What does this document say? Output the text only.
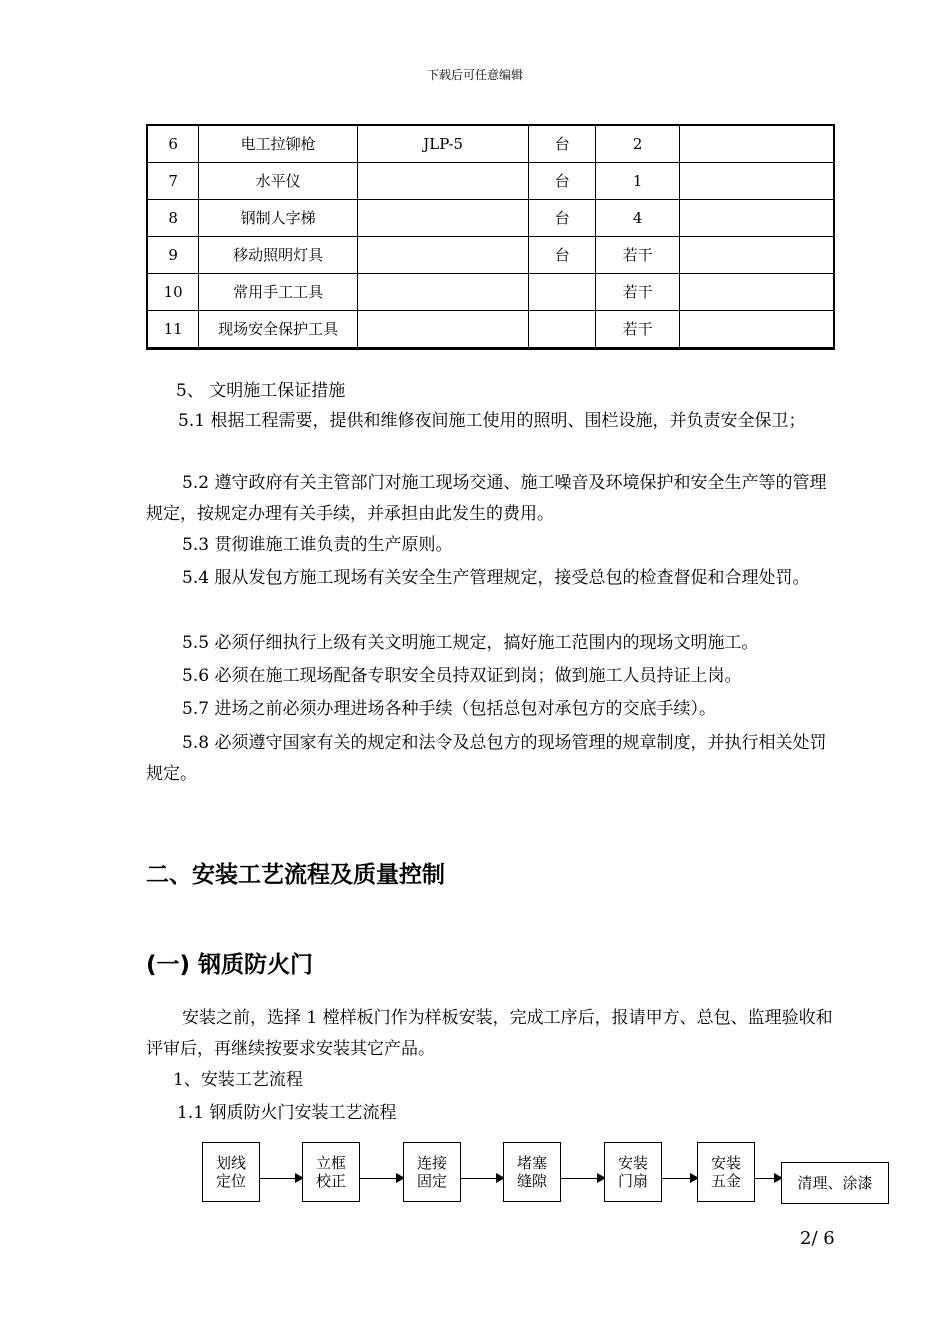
下载后可任意编辑
6	电工拉铆枪	JLP-5	台	2	
7	水平仪		台	1	
8	钢制人字梯		台	4	
9	移动照明灯具		台	若干	
10	常用手工工具			若干	
11	现场安全保护工具			若干	

5、 文明施工保证措施

5.1 根据工程需要，提供和维修夜间施工使用的照明、围栏设施，并负责安全保卫；

5.2 遵守政府有关主管部门对施工现场交通、施工噪音及环境保护和安全生产等的管理规定，按规定办理有关手续，并承担由此发生的费用。

5.3 贯彻谁施工谁负责的生产原则。

5.4 服从发包方施工现场有关安全生产管理规定，接受总包的检查督促和合理处罚。

5.5 必须仔细执行上级有关文明施工规定，搞好施工范围内的现场文明施工。

5.6 必须在施工现场配备专职安全员持双证到岗；做到施工人员持证上岗。

5.7 进场之前必须办理进场各种手续（包括总包对承包方的交底手续）。

5.8 必须遵守国家有关的规定和法令及总包方的现场管理的规章制度，并执行相关处罚规定。

二、安装工艺流程及质量控制
(一) 钢质防火门

安装之前，选择 1 樘样板门作为样板安装，完成工序后，报请甲方、总包、监理验收和评审后，再继续按要求安装其它产品。

1、安装工艺流程

1.1 钢质防火门安装工艺流程

划线
定位
立框
校正
连接
固定
堵塞
缝隙
安装
门扇
安装
五金	清理、涂漆
2/ 6
